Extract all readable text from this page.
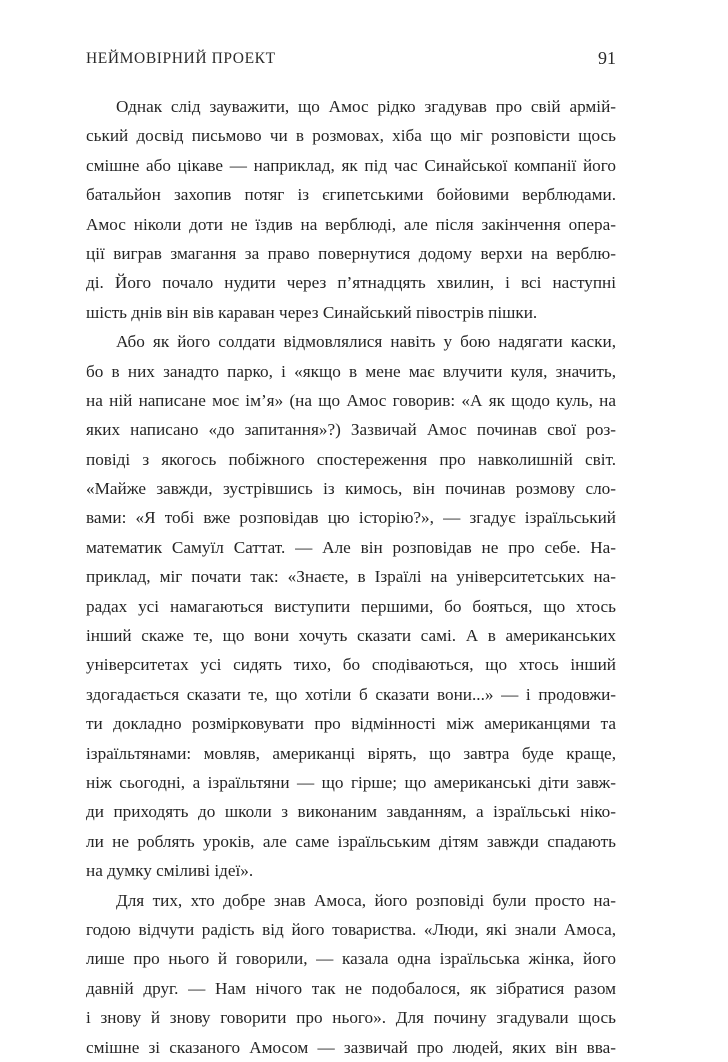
НЕЙМОВІРНИЙ ПРОЕКТ	91
Однак слід зауважити, що Амос рідко згадував про свій армій-
ський досвід письмово чи в розмовах, хіба що міг розповісти щось
смішне або цікаве — наприклад, як під час Синайської компанії його
батальйон захопив потяг із єгипетськими бойовими верблюдами.
Амос ніколи доти не їздив на верблюді, але після закінчення опера-
ції виграв змагання за право повернутися додому верхи на верблю-
ді. Його почало нудити через п’ятнадцять хвилин, і всі наступні
шість днів він вів караван через Синайський півострів пішки.
Або як його солдати відмовлялися навіть у бою надягати каски,
бо в них занадто парко, і «якщо в мене має влучити куля, значить,
на ній написане моє ім’я» (на що Амос говорив: «А як щодо куль, на
яких написано «до запитання»?) Зазвичай Амос починав свої роз-
повіді з якогось побіжного спостереження про навколишній світ.
«Майже завжди, зустрівшись із кимось, він починав розмову сло-
вами: «Я тобі вже розповідав цю історію?», — згадує ізраїльський
математик Самуїл Саттат. — Але він розповідав не про себе. На-
приклад, міг почати так: «Знаєте, в Ізраїлі на університетських на-
радах усі намагаються виступити першими, бо бояться, що хтось
інший скаже те, що вони хочуть сказати самі. А в американських
університетах усі сидять тихо, бо сподіваються, що хтось інший
здогадається сказати те, що хотіли б сказати вони...» — і продовжи-
ти докладно розмірковувати про відмінності між американцями та
ізраїльтянами: мовляв, американці вірять, що завтра буде краще,
ніж сьогодні, а ізраїльтяни — що гірше; що американські діти завж-
ди приходять до школи з виконаним завданням, а ізраїльські ніко-
ли не роблять уроків, але саме ізраїльським дітям завжди спадають
на думку сміливі ідеї».
Для тих, хто добре знав Амоса, його розповіді були просто на-
годою відчути радість від його товариства. «Люди, які знали Амоса,
лише про нього й говорили, — казала одна ізраїльська жінка, його
давній друг. — Нам нічого так не подобалося, як зібратися разом
і знову й знову говорити про нього». Для почину згадували щось
смішне зі сказаного Амосом — зазвичай про людей, яких він вва-
